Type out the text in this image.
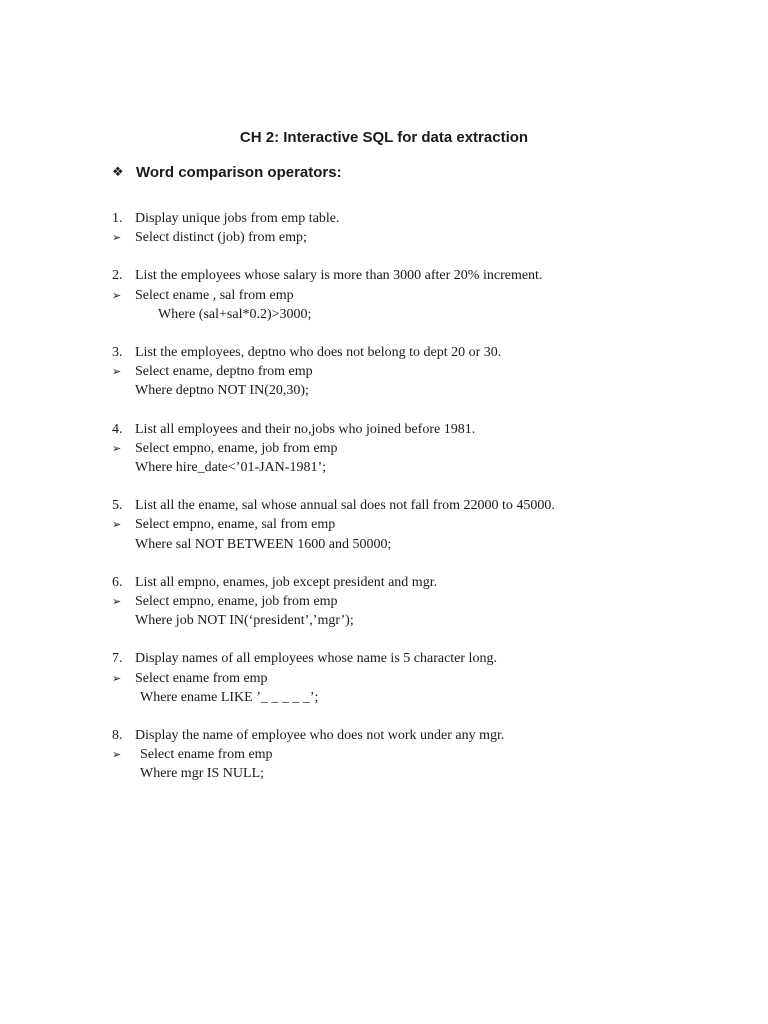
CH 2: Interactive SQL for data extraction
❖ Word comparison operators:
1. Display unique jobs from emp table.
➢ Select distinct (job) from emp;
2. List the employees whose salary is more than 3000 after 20% increment.
➢ Select ename , sal from emp
Where (sal+sal*0.2)>3000;
3. List the employees, deptno who does not belong to dept 20 or 30.
➢ Select ename, deptno from emp
Where deptno NOT IN(20,30);
4. List all employees and their no,jobs who joined before 1981.
➢ Select empno, ename, job from emp
Where hire_date<’01-JAN-1981’;
5. List all the ename, sal whose annual sal does not fall from 22000 to 45000.
➢ Select empno, ename, sal from emp
Where sal NOT BETWEEN 1600 and 50000;
6. List all empno, enames, job except president and mgr.
➢ Select empno, ename, job from emp
Where job NOT IN(‘president’,’mgr’);
7. Display names of all employees whose name is 5 character long.
➢ Select ename from emp
Where ename LIKE ’_ _ _ _ _’;
8. Display the name of employee who does not work under any mgr.
➢	Select ename from emp
Where mgr IS NULL;
